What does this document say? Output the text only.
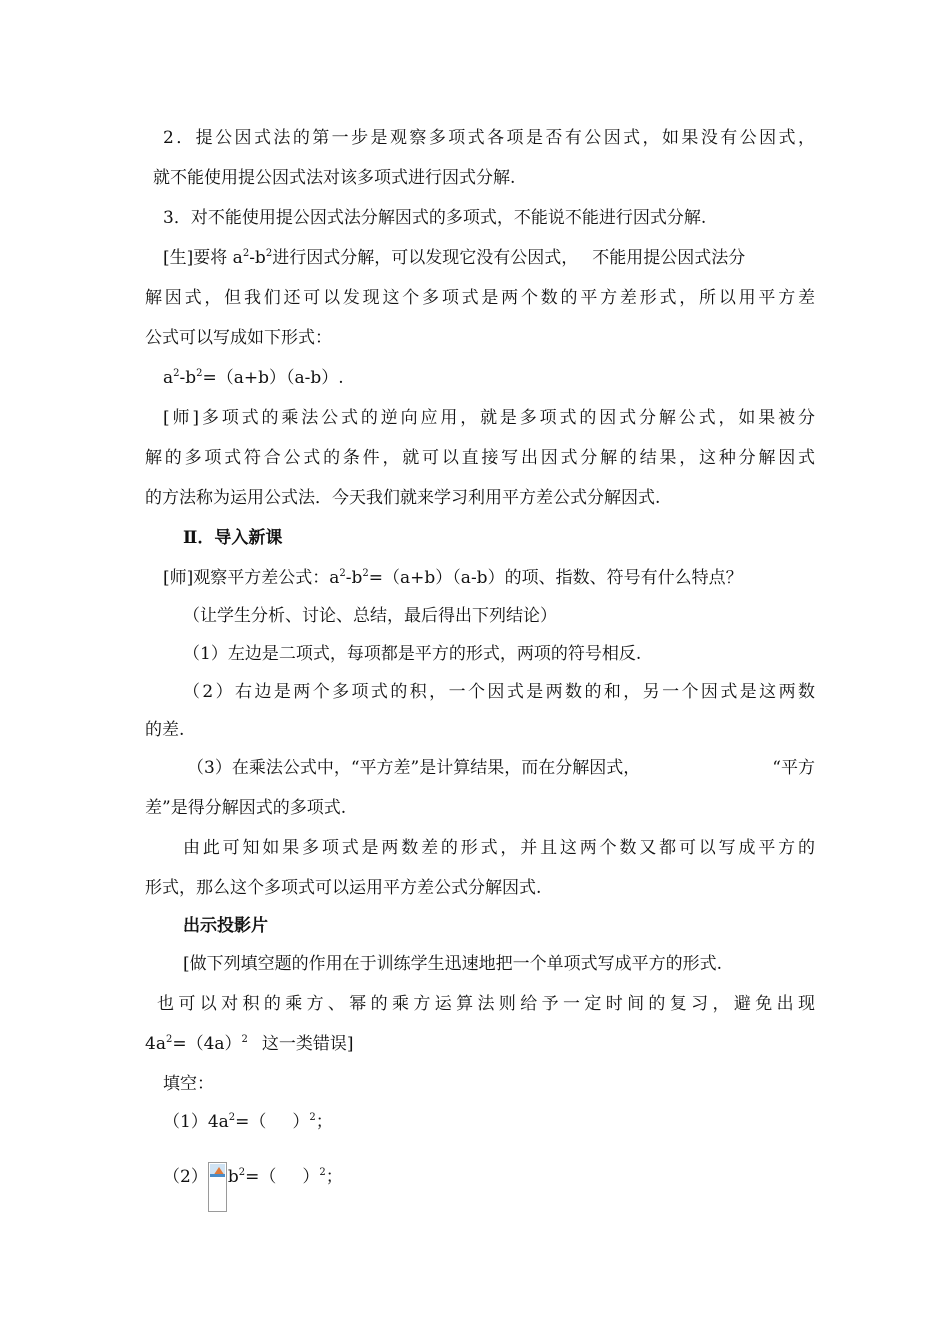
2．提公因式法的第一步是观察多项式各项是否有公因式，如果没有公因式，
就不能使用提公因式法对该多项式进行因式分解.
3．对不能使用提公因式法分解因式的多项式，不能说不能进行因式分解.
[生]要将 $a^2-b^2$进行因式分解，可以发现它没有公因式， 不能用提公因式法分
解因式，但我们还可以发现这个多项式是两个数的平方差形式，所以用平方差
公式可以写成如下形式：
$a^2-b^2=(a+b)(a-b)$.
[师]多项式的乘法公式的逆向应用，就是多项式的因式分解公式，如果被分
解的多项式符合公式的条件，就可以直接写出因式分解的结果，这种分解因式
的方法称为运用公式法．今天我们就来学习利用平方差公式分解因式.
Ⅱ．导入新课
[师]观察平方差公式：$a^2-b^2=(a+b)(a-b)$的项、指数、符号有什么特点？
（让学生分析、讨论、总结，最后得出下列结论）
（1）左边是二项式，每项都是平方的形式，两项的符号相反.
（2）右边是两个多项式的积，一个因式是两数的和，另一个因式是这两数
的差.
（3）在乘法公式中，“平方差”是计算结果，而在分解因式，	“平方
差”是得分解因式的多项式.
由此可知如果多项式是两数差的形式，并且这两个数又都可以写成平方的
形式，那么这个多项式可以运用平方差公式分解因式.
出示投影片
[做下列填空题的作用在于训练学生迅速地把一个单项式写成平方的形式.
也可以对积的乘方、幂的乘方运算法则给予一定时间的复习，避免出现
$4a^2=(4a)^2$ 这一类错误]
填空：
$(1)4a^2=$（ ）$^2$；
（2） $b^2=$（ ）$^2$；
